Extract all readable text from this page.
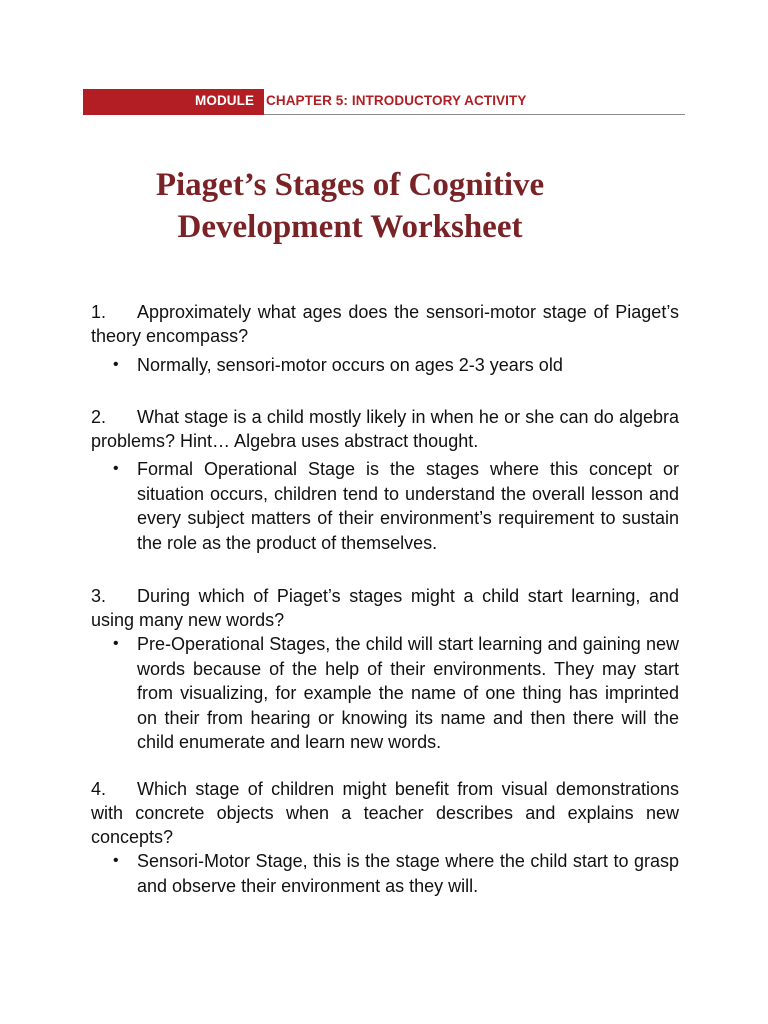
MODULE CHAPTER 5: INTRODUCTORY ACTIVITY
Piaget’s Stages of Cognitive
Development Worksheet
1. Approximately what ages does the sensori-motor stage of Piaget’s theory encompass?
•	Normally, sensori-motor occurs on ages 2-3 years old
2. What stage is a child mostly likely in when he or she can do algebra problems? Hint… Algebra uses abstract thought.
•	Formal Operational Stage is the stages where this concept or situation occurs, children tend to understand the overall lesson and every subject matters of their environment’s requirement to sustain the role as the product of themselves.
3. During which of Piaget’s stages might a child start learning, and using many new words?
•	Pre-Operational Stages, the child will start learning and gaining new words because of the help of their environments. They may start from visualizing, for example the name of one thing has imprinted on their from hearing or knowing its name and then there will the child enumerate and learn new words.
4. Which stage of children might benefit from visual demonstrations with concrete objects when a teacher describes and explains new concepts?
•	Sensori-Motor Stage, this is the stage where the child start to grasp and observe their environment as they will.
